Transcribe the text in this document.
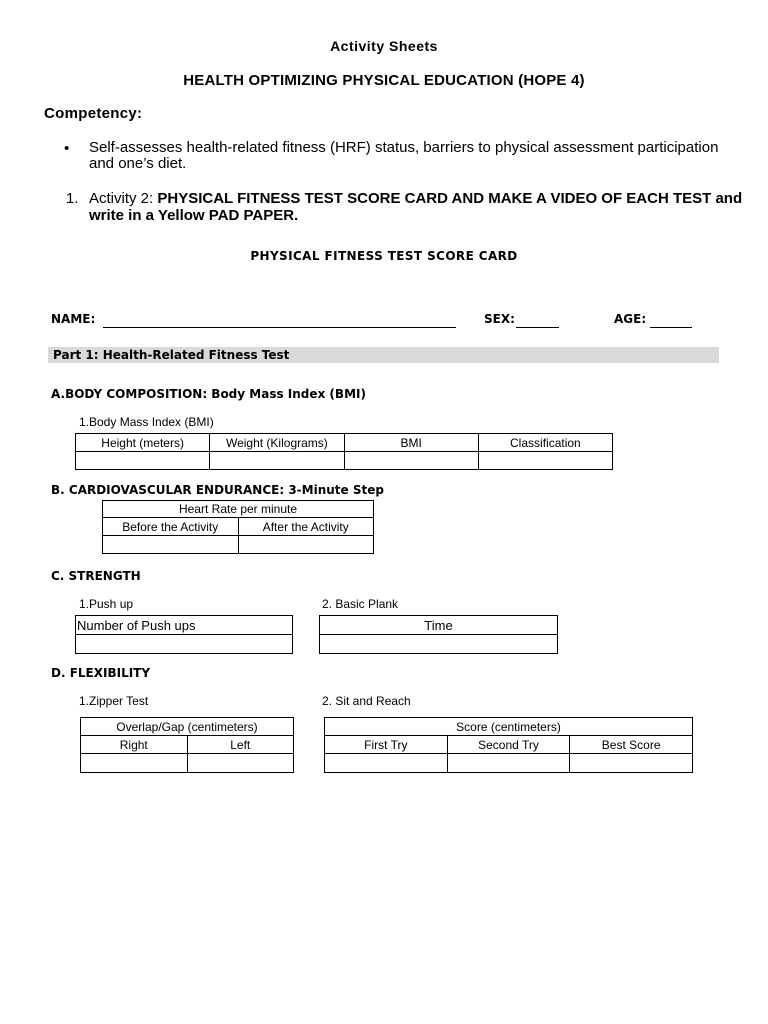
Activity Sheets
HEALTH OPTIMIZING PHYSICAL EDUCATION (HOPE 4)
Competency:
• Self-assesses health-related fitness (HRF) status, barriers to physical assessment participation and one’s diet.
1. Activity 2: PHYSICAL FITNESS TEST SCORE CARD AND MAKE A VIDEO OF EACH TEST and write in a Yellow PAD PAPER.
PHYSICAL FITNESS TEST SCORE CARD
NAME:	SEX:	AGE:
Part 1: Health-Related Fitness Test
A.BODY COMPOSITION: Body Mass Index (BMI)
1.Body Mass Index (BMI)
Height (meters)	Weight (Kilograms)	BMI	Classification

B. CARDIOVASCULAR ENDURANCE: 3-Minute Step
Heart Rate per minute	
Before the Activity	After the Activity

C. STRENGTH
1.Push up
Number of Push ups

2. Basic Plank
Time

D. FLEXIBILITY
1.Zipper Test
Overlap/Gap (centimeters)	
Right	Left

2. Sit and Reach
Score (centimeters)		
First Try	Second Try	Best Score
